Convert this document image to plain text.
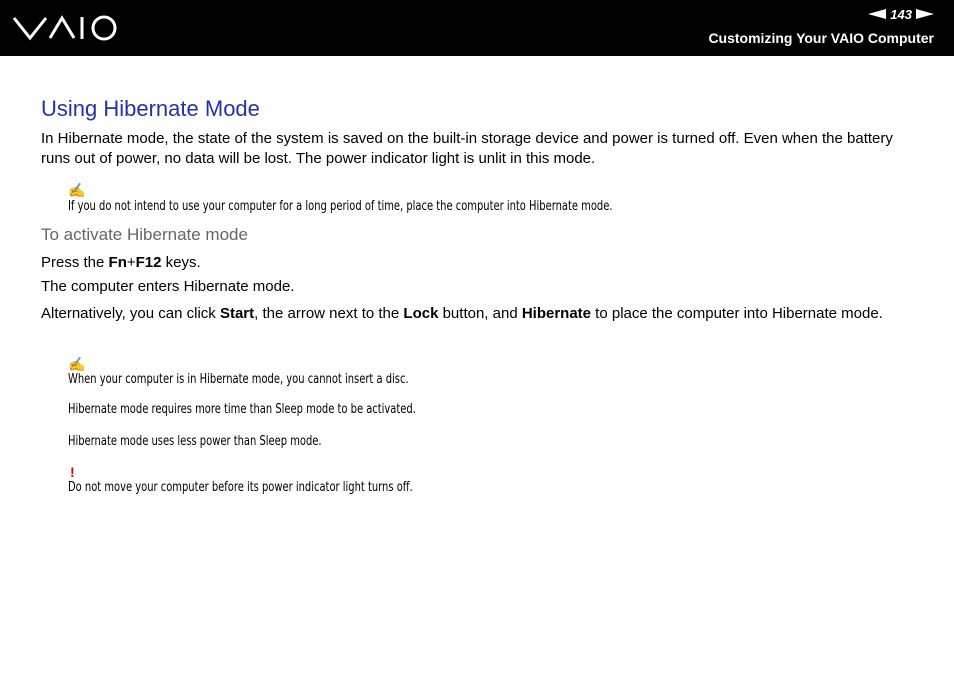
143
Customizing Your VAIO Computer
Using Hibernate Mode

In Hibernate mode, the state of the system is saved on the built-in storage device and power is turned off. Even when the battery runs out of power, no data will be lost. The power indicator light is unlit in this mode.

✍
If you do not intend to use your computer for a long period of time, place the computer into Hibernate mode.
To activate Hibernate mode

Press the Fn+F12 keys.

The computer enters Hibernate mode.

Alternatively, you can click Start, the arrow next to the Lock button, and Hibernate to place the computer into Hibernate mode.

✍
When your computer is in Hibernate mode, you cannot insert a disc.
Hibernate mode requires more time than Sleep mode to be activated.
Hibernate mode uses less power than Sleep mode.
!
Do not move your computer before its power indicator light turns off.
